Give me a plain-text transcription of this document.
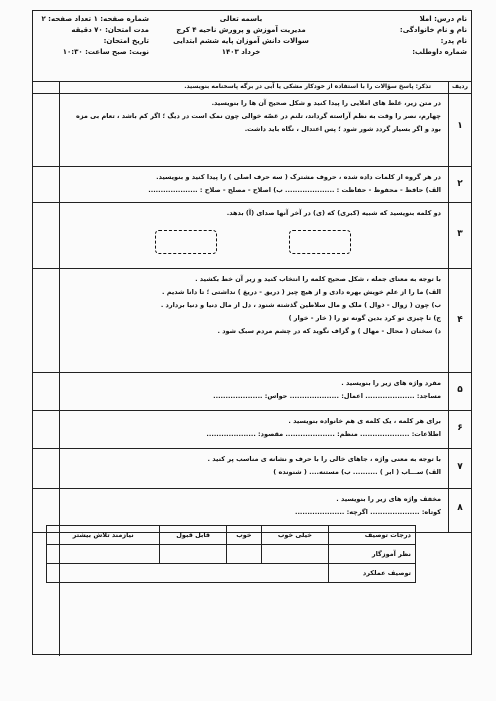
نام درس: املا
نام و نام خانوادگی:
نام پدر:
شماره داوطلب:
باسمه تعالی
مدیریت آموزش و پرورش ناحیه ۴ کرج
سوالات دانش آموزان پایه ششم ابتدایی
خرداد ۱۴۰۳
شماره صفحه: ۱ تعداد صفحه: ۲
مدت امتحان: ۷۰ دقیقه
تاریخ امتحان:
نوبت: صبح ساعت: ۱۰:۳۰
ردیف
تذکر: پاسخ سؤالات را با استفاده از خودکار مشکی یا آبی در برگه پاسخنامه بنویسید.
۱
در متن زیر، غلط های املایی را پیدا کنید و شکل صحیح آن ها را بنویسید.
چهارم، نصر را وقت به نظم آراسته گرداند، تلنم در غصّه خوالی چون نمک است در دیگ ؛ اگر کم باشد ، تعام بی مزه
بود و اگر بسیار گردد شور شود ؛ پس اعتدال ، نگاه باید داشت.
۲
در هر گروه از کلمات داده شده ، حروف مشترک ( سه حرف اصلی ) را پیدا کنید و بنویسید.
الف) حافظ - محفوظ - حفاظت : .................... ب) اصلاح - مصلح - صلاح : ....................
۳
دو کلمه بنویسید که شبیه (کبری) که (ی) در آخر آنها صدای (آ) بدهد.

۴
با توجه به معنای جمله ، شکل صحیح کلمه را انتخاب کنید و زیر آن خط بکشید .
الف) ما را از علم خویش بهره دادی و از هیچ چیز ( دریق - دریغ ) نداشتی ؛ تا دانا شدیم .
ب) چون ( زوال - ذوال ) ملک و مال سلاطین گذشته شنود ، دل از مال دنیا و دنیا بردارد .
ج) تا چیزی تو کرد بدین گونه تو را ( خار - خوار )
د) سخنان ( محال - مهال ) و گزاف نگوید که در چشم مردم سبک شود .
۵
مفرد واژه های زیر را بنویسید .
مساجد: .................... اعمال: .................... حواس: ....................
۶
برای هر کلمه ، یک کلمه ی هم خانواده بنویسید .
اطلاعات: .................... منظم: .................... مقصود: ....................
۷
با توجه به معنی واژه ، جاهای خالی را با حرف و نشانه ی مناسب پر کنید .
الف) ســـاب ( ابر ) .......... ب) مستنه.... ( شنونده )
۸
مخفف واژه های زیر را بنویسید .
کوتاه: .................... اگرچه: ....................
درجات توصیف	خیلی خوب	خوب	قابل قبول	نیازمند تلاش بیشتر
نظر آموزگار				
توصیف عملکرد				
